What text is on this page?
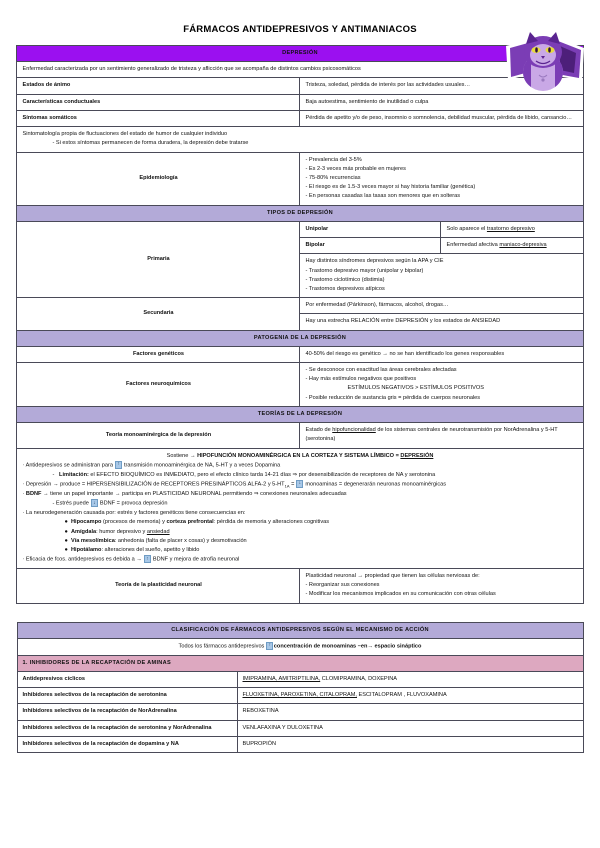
FÁRMACOS ANTIDEPRESIVOS Y ANTIMANIACOS
DEPRESIÓN		
Enfermedad caracterizada por un sentimiento generalizado de tristeza y aflicción que se acompaña de distintos cambios psicosomáticos		
Estados de ánimo	Tristeza, soledad, pérdida de interés por las actividades usuales…	
Características conductuales	Baja autoestima, sentimiento de inutilidad o culpa	
Síntomas somáticos	Pérdida de apetito y/o de peso, insomnio o somnolencia, debilidad muscular, pérdida de libido, cansancio…	
Sintomatología propia de fluctuaciones del estado de humor de cualquier individuo
- Si estos síntomas permanecen de forma duradera, la depresión debe tratarse		

Epidemiología	- Prevalencia del 3-5%
- Es 2-3 veces más probable en mujeres
- 75-80% recurrencias
- El riesgo es de 1.5-3 veces mayor si hay historia familiar (genética)
- En personas casadas las tasas son menores que en solteras	

TIPOS DE DEPRESIÓN		
Primaria	Unipolar	Solo aparece el trastorno depresivo
	Bipolar	Enfermedad afectiva maniaco-depresiva

	Hay distintos síndromes depresivos según la APA y CIE
- Trastorno depresivo mayor (unipolar y bipolar)
- Trastorno ciclotímico (distimia)
- Trastornos depresivos atípicos	

Secundaria	Por enfermedad (Párkinson), fármacos, alcohol, drogas…	
	Hay una estrecha RELACIÓN entre DEPRESIÓN y los estados de ANSIEDAD	
PATOGENIA DE LA DEPRESIÓN		
Factores genéticos	40-50% del riesgo es genético → no se han identificado los genes responsables	
Factores neuroquímicos	- Se desconoce con exactitud las áreas cerebrales afectadas
- Hay más estímulos negativos que positivos
ESTÍMULOS NEGATIVOS > ESTÍMULOS POSITIVOS
- Posible reducción de sustancia gris = pérdida de cuerpos neuronales	

TEORÍAS DE LA DEPRESIÓN		
Teoría monoaminérgica de la depresión	Estado de hipofuncionalidad de los sistemas centrales de neurotransmisión por NorAdrenalina y 5-HT (serotonina)	

Sostiene → HIPOFUNCIÓN MONOAMINÉRGICA EN LA CORTEZA Y SISTEMA LÍMBICO = DEPRESIÓN
· Antidepresivos se administran para ↑ transmisión monoaminérgica de NA, 5-HT y a veces Dopamina
- Limitación: el EFECTO BIOQUÍMICO es INMEDIATO, pero el efecto clínico tarda 14-21 días ⇒ por desensibilización de receptores de NA y serotonina
· Depresión → produce = HIPERSENSIBILIZACIÓN de RECEPTORES PRESINÁPTICOS ALFA-2 y $5-HT_{1A}$ = ↓ monoaminas = degenerarán neuronas monoaminérgicas
· BDNF → tiene un papel importante → participa en PLASTICIDAD NEURONAL permitiendo ⇒ conexiones neuronales adecuadas
- Estrés puede ↓ BDNF = provoca depresión
· La neurodegeneración causada por: estrés y factores genéticos tiene consecuencias en:
●  Hipocampo (procesos de memoria) y corteza prefrontal: pérdida de memoria y alteraciones cognitivas
●  Amígdala: humor depresivo y ansiedad
●  Vía mesolímbica: anhedonia (falta de placer x cosas) y desmotivación
●  Hipotálamo: alteraciones del sueño, apetito y libido
· Eficacia de fcos. antidepresivos es debida a → ↑ BDNF y mejora de atrofia neuronal

Teoría de la plasticidad neuronal	Plasticidad neuronal → propiedad que tienen las células nerviosas de:
- Reorganizar sus conexiones
- Modificar los mecanismos implicados en su comunicación con otras células	
CLASIFICACIÓN DE FÁRMACOS ANTIDEPRESIVOS SEGÚN EL MECANISMO DE ACCIÓN	
Todos los fármacos antidepresivos ↑ concentración de monoaminas –en→ espacio sináptico	
1. INHIBIDORES DE LA RECAPTACIÓN DE AMINAS	
Antidepresivos cíclicos	IMIPRAMINA, AMITRIPTILINA, CLOMIPRAMINA, DOXEPINA
Inhibidores selectivos de la recaptación de serotonina	FLUOXETINA, PAROXETINA, CITALOPRAM, ESCITALOPRAM , FLUVOXAMINA
Inhibidores selectivos de la recaptación de NorAdrenalina	REBOXETINA
Inhibidores selectivos de la recaptación de serotonina y NorAdrenalina	VENLAFAXINA Y DULOXETINA
Inhibidores selectivos de la recaptación de dopamina y NA	BUPROPIÓN
